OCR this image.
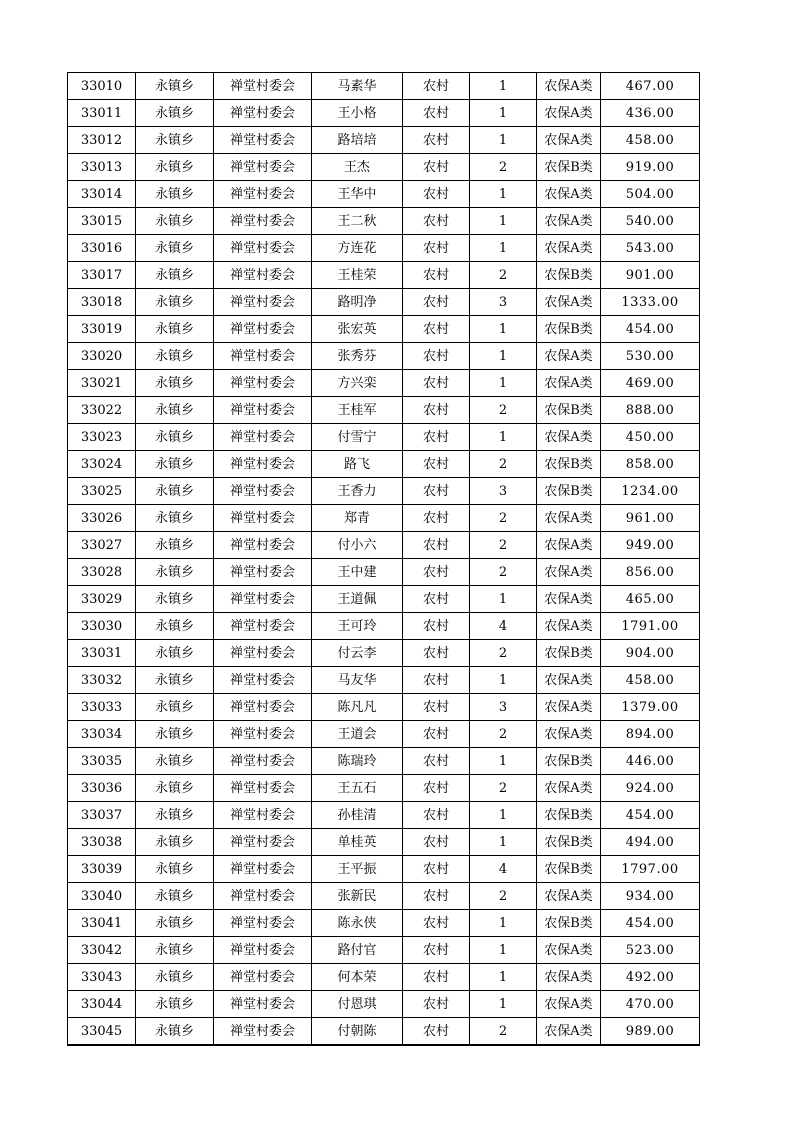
33010	永镇乡	禅堂村委会	马素华	农村	1	农保A类	467.00
33011	永镇乡	禅堂村委会	王小格	农村	1	农保A类	436.00
33012	永镇乡	禅堂村委会	路培培	农村	1	农保A类	458.00
33013	永镇乡	禅堂村委会	王杰	农村	2	农保B类	919.00
33014	永镇乡	禅堂村委会	王华中	农村	1	农保A类	504.00
33015	永镇乡	禅堂村委会	王二秋	农村	1	农保A类	540.00
33016	永镇乡	禅堂村委会	方连花	农村	1	农保A类	543.00
33017	永镇乡	禅堂村委会	王桂荣	农村	2	农保B类	901.00
33018	永镇乡	禅堂村委会	路明净	农村	3	农保A类	1333.00
33019	永镇乡	禅堂村委会	张宏英	农村	1	农保B类	454.00
33020	永镇乡	禅堂村委会	张秀芬	农村	1	农保A类	530.00
33021	永镇乡	禅堂村委会	方兴栾	农村	1	农保A类	469.00
33022	永镇乡	禅堂村委会	王桂军	农村	2	农保B类	888.00
33023	永镇乡	禅堂村委会	付雪宁	农村	1	农保A类	450.00
33024	永镇乡	禅堂村委会	路飞	农村	2	农保B类	858.00
33025	永镇乡	禅堂村委会	王香力	农村	3	农保B类	1234.00
33026	永镇乡	禅堂村委会	郑青	农村	2	农保A类	961.00
33027	永镇乡	禅堂村委会	付小六	农村	2	农保A类	949.00
33028	永镇乡	禅堂村委会	王中建	农村	2	农保A类	856.00
33029	永镇乡	禅堂村委会	王道佩	农村	1	农保A类	465.00
33030	永镇乡	禅堂村委会	王可玲	农村	4	农保A类	1791.00
33031	永镇乡	禅堂村委会	付云李	农村	2	农保B类	904.00
33032	永镇乡	禅堂村委会	马友华	农村	1	农保A类	458.00
33033	永镇乡	禅堂村委会	陈凡凡	农村	3	农保A类	1379.00
33034	永镇乡	禅堂村委会	王道会	农村	2	农保A类	894.00
33035	永镇乡	禅堂村委会	陈瑞玲	农村	1	农保B类	446.00
33036	永镇乡	禅堂村委会	王五石	农村	2	农保A类	924.00
33037	永镇乡	禅堂村委会	孙桂清	农村	1	农保B类	454.00
33038	永镇乡	禅堂村委会	单桂英	农村	1	农保B类	494.00
33039	永镇乡	禅堂村委会	王平振	农村	4	农保B类	1797.00
33040	永镇乡	禅堂村委会	张新民	农村	2	农保A类	934.00
33041	永镇乡	禅堂村委会	陈永侠	农村	1	农保B类	454.00
33042	永镇乡	禅堂村委会	路付官	农村	1	农保A类	523.00
33043	永镇乡	禅堂村委会	何本荣	农村	1	农保A类	492.00
33044	永镇乡	禅堂村委会	付恩琪	农村	1	农保A类	470.00
33045	永镇乡	禅堂村委会	付朝陈	农村	2	农保A类	989.00
